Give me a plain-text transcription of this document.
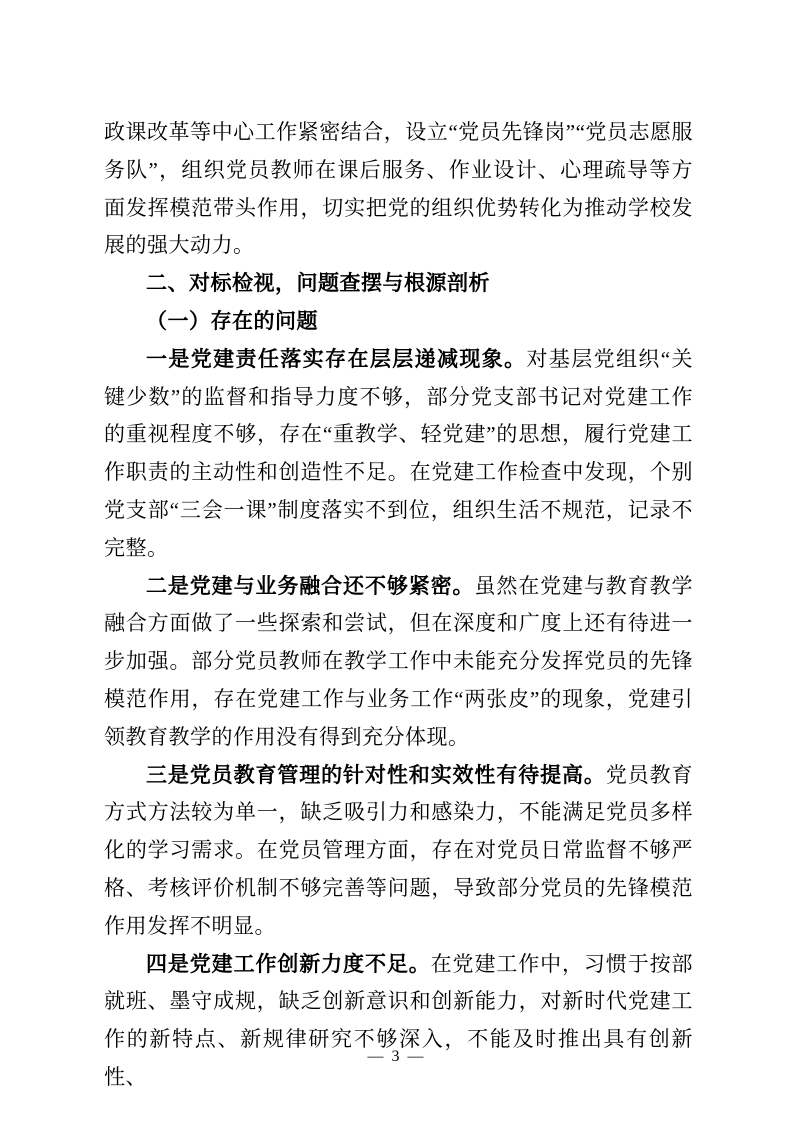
政课改革等中心工作紧密结合，设立“党员先锋岗”“党员志愿服务队”，组织党员教师在课后服务、作业设计、心理疏导等方面发挥模范带头作用，切实把党的组织优势转化为推动学校发展的强大动力。

二、对标检视，问题查摆与根源剖析

（一）存在的问题

一是党建责任落实存在层层递减现象。对基层党组织“关键少数”的监督和指导力度不够，部分党支部书记对党建工作的重视程度不够，存在“重教学、轻党建”的思想，履行党建工作职责的主动性和创造性不足。在党建工作检查中发现，个别党支部“三会一课”制度落实不到位，组织生活不规范，记录不完整。

二是党建与业务融合还不够紧密。虽然在党建与教育教学融合方面做了一些探索和尝试，但在深度和广度上还有待进一步加强。部分党员教师在教学工作中未能充分发挥党员的先锋模范作用，存在党建工作与业务工作“两张皮”的现象，党建引领教育教学的作用没有得到充分体现。

三是党员教育管理的针对性和实效性有待提高。党员教育方式方法较为单一，缺乏吸引力和感染力，不能满足党员多样化的学习需求。在党员管理方面，存在对党员日常监督不够严格、考核评价机制不够完善等问题，导致部分党员的先锋模范作用发挥不明显。

四是党建工作创新力度不足。在党建工作中，习惯于按部就班、墨守成规，缺乏创新意识和创新能力，对新时代党建工作的新特点、新规律研究不够深入，不能及时推出具有创新性、

— 3 —
